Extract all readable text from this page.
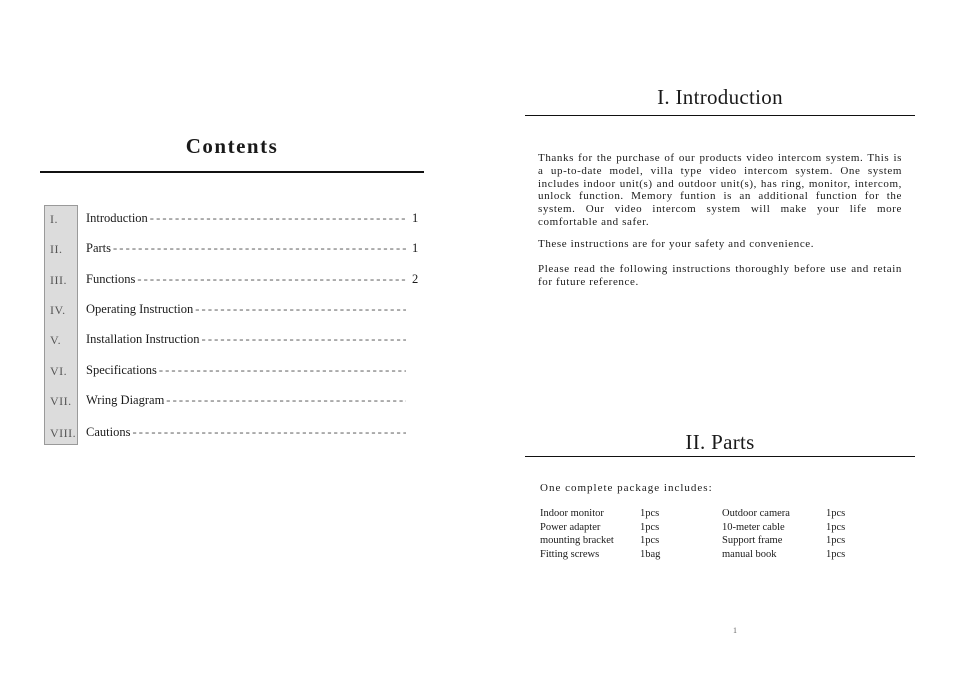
Contents
I.	Introduction - - -	1
II.	Parts - - -	1
III.	Functions - - -	2
IV.	Operating Instruction
- - -
V.	Installation Instruction
- - -
VI.	Specifications
- - -
VII.	Wring Diagram
- - -
VIII. Cautions
- - -
I. Introduction

Thanks for the purchase of our products video intercom system. This is a up-to-date model, villa type video intercom system. One system includes indoor unit(s) and outdoor unit(s), has ring, monitor, intercom, unlock function. Memory funtion is an additional function for the system. Our video intercom system will make your life more comfortable and safer.

These instructions are for your safety and convenience.

Please read the following instructions thoroughly before use and retain for future reference.

II. Parts
One complete package includes:
Indoor monitor	1pcs	Outdoor camera	1pcs
Power adapter	1pcs	10-meter cable	1pcs
mounting bracket	1pcs	Support frame	1pcs
Fitting screws	1bag	manual book	1pcs
1
